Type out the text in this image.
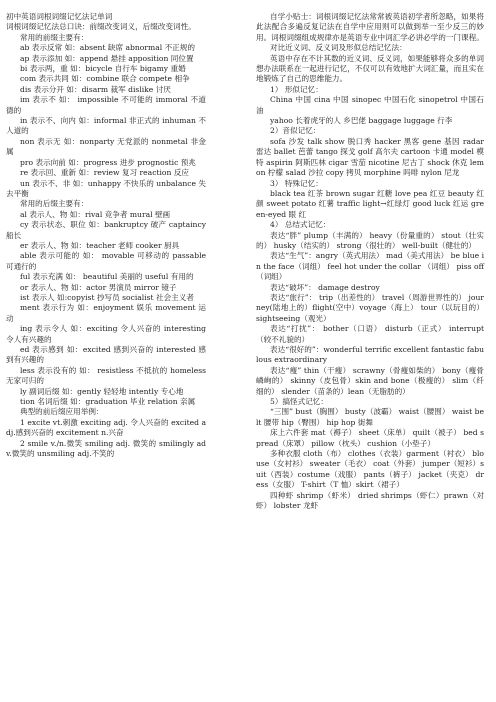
初中英语词根词缀记忆法记单词

词根词缀记忆法总口诀：前缀改变词义，后缀改变词性。

常用的前缀主要有：

ab 表示反常 如：absent 缺席 abnormal 不正规的

ap 表示添加 如：append 悬挂 apposition 同位置

bi 表示两，重 如：bicycle 自行车 bigamy 重婚

com 表示共同 如：combine 联合 compete 相争

dis 表示分开 如：disarm 裁军 dislike 讨厌

im 表示不 如： impossible 不可能的 immoral 不道德的

in 表示不、向内 如：informal 非正式的 inhuman 不人道的

non 表示无 如：nonparty 无党派的 nonmetal 非金属

pro 表示向前 如：progress 进步 prognostic 预兆

re 表示回、重新 如：review 复习 reaction 反应

un 表示不、非 如：unhappy 不快乐的 unbalance 失去平衡

常用的后缀主要有：

al 表示人、物 如：rival 竞争者 mural 壁画

cy 表示状态、职位 如：bankruptcy 破产 captaincy 船长

er 表示人、物 如：teacher 老师 cooker 厨具

able 表示可能的 如： movable 可移动的 passable 可通行的

ful 表示充满 如： beautiful 美丽的 useful 有用的

or 表示人、物 如：actor 男演员 mirror 镜子

ist 表示人 如:copyist 抄写员 socialist 社会主义者

ment 表示行为 如：enjoyment 娱乐 movement 运动

ing 表示令人 如：exciting 令人兴奋的 interesting 令人有兴趣的

ed 表示感到 如：excited 感到兴奋的 interested 感到有兴趣的

less 表示没有的 如： resistless 不抵抗的 homeless 无家可归的

ly 副词后缀 如：gently 轻轻地 intently 专心地

tion 名词后缀 如：graduation 毕业 relation 亲属

典型的前后缀应用举例：

1 excite vt.刺激 exciting adj. 令人兴奋的 excited adj.感到兴奋的 excitement n.兴奋

2 smile v./n.微笑 smiling adj. 微笑的 smilingly adv.微笑的 unsmiling adj.不笑的

自学小贴士：词根词缀记忆法常常被英语初学者所忽略，如果将此法配合多遍反复记法在自学中应用则可以做到举一至少反三的妙用。词根词缀组成规律亦是英语专业中词汇学必讲必学的一门课程。

对比近义词、反义词及形似总结记忆法：

英语中存在不计其数的近义词、反义词，如果能够将众多的单词想办法联系在一起进行记忆，不仅可以有效地扩大词汇量，而且实在地锻炼了自己的思维能力。

1） 形似记忆：

China 中国 cina 中国 sinopec 中国石化 sinopetrol 中国石油

yahoo 长着虎牙的人 乡巴佬 baggage luggage 行李

2）音似记忆：

sofa 沙发 talk show 脱口秀 hacker 黑客 gene 基因 radar 雷达 ballet 芭蕾 tango 探戈 golf 高尔夫 cartoon 卡通 model 模特 aspirin 阿斯匹林 cigar 雪茄 nicotine 尼古丁 shock 休克 lemon 柠檬 salad 沙拉 copy 拷贝 morphine 吗啡 nylon 尼龙

3） 特殊记忆：

black tea 红茶 brown sugar 红糖 love pea 红豆 beauty 红颜 sweet potato 红薯 traffic light→红绿灯 good luck 红运 green-eyed 眼 红

4） 总结式记忆：

表达“胖” plump（丰满的） heavy（份量重的） stout（壮实的） husky（结实的） strong（很壮的） well-built（健壮的）

表达“生气”：angry（英式用法） mad（美式用法） be blue in the face（词组） feel hot under the collar （词组） piss off（词组）

表达“破坏”： damage destroy

表达“旅行”： trip（出差性的） travel（周游世界性的） journey(陆地上的）flight(空中）voyage（海上） tour（以玩目的） sightseeing（观光）

表达“打扰”： bother（口语） disturb（正式） interrupt （较不礼貌的）

表达“很好的”：wonderful terrific excellent fantastic fabulous extraordinary

表达“瘦” thin（干瘦） scrawny（骨瘦如柴的） bony（瘦骨嶙峋的） skinny（皮包骨）skin and bone（极瘦的） slim（纤细的） slender（苗条的）lean（无脂肪的）

5）搞怪式记忆：

“三围” bust（胸围） busty（波霸） waist（腰围） waist belt 腰带 hip（臀围） hip hop 街舞

床上六件套 mat（褥子） sheet（床单） quilt（被子） bed spread（床罩） pillow（枕头） cushion（小垫子）

多种衣服 cloth（布） clothes（衣装）garment（衬衣） blouse（女衬衫） sweater（毛衣） coat（外套） jumper（短衫）suit（西装）costume（戏服） pants（裤子） jacket（夹克） dress（女服） T-shirt（T 恤）skirt（裙子）

四种虾 shrimp（虾米） dried shrimps（虾仁）prawn（对虾） lobster 龙虾
